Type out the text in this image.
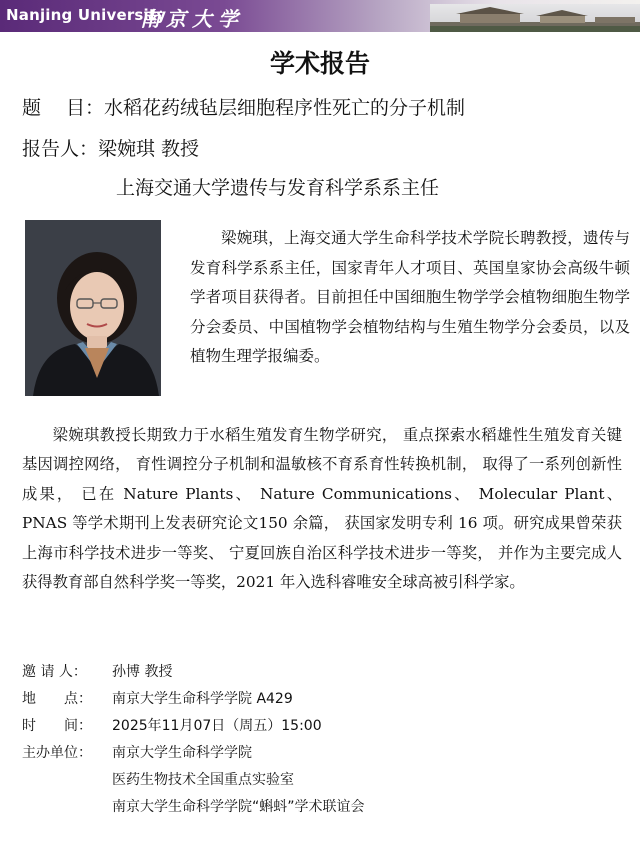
Nanjing University
南京大学
学术报告
题　 目：水稻花药绒毡层细胞程序性死亡的分子机制
报告人：梁婉琪 教授
上海交通大学遗传与发育科学系系主任

梁婉琪，上海交通大学生命科学技术学院长聘教授，遗传与发育科学系系主任，国家青年人才项目、英国皇家协会高级牛顿学者项目获得者。目前担任中国细胞生物学学会植物细胞生物学分会委员、中国植物学会植物结构与生殖生物学分会委员，以及植物生理学报编委。

梁婉琪教授长期致力于水稻生殖发育生物学研究， 重点探索水稻雄性生殖发育关键基因调控网络， 育性调控分子机制和温敏核不育系育性转换机制， 取得了一系列创新性成果， 已在 Nature Plants、 Nature Communications、 Molecular Plant、 PNAS 等学术期刊上发表研究论文150 余篇， 获国家发明专利 16 项。研究成果曾荣获上海市科学技术进步一等奖、 宁夏回族自治区科学技术进步一等奖， 并作为主要完成人获得教育部自然科学奖一等奖，2021 年入选科睿唯安全球高被引科学家。

邀 请 人： 孙博 教授
地　　点： 南京大学生命科学学院 A429
时　　间： 2025年11月07日（周五）15:00
主办单位： 南京大学生命科学学院
医药生物技术全国重点实验室
南京大学生命科学学院“蝌蚪”学术联谊会
